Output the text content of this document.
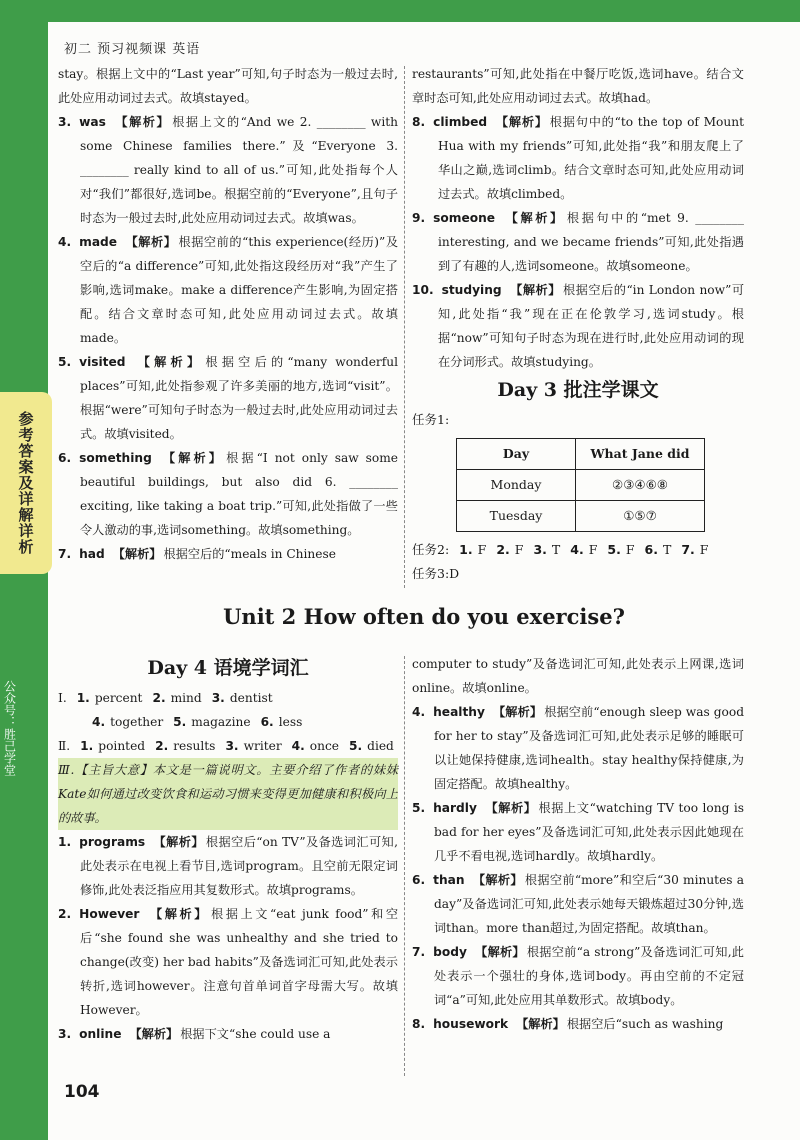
初二 预习视频课 英语
参考答案及详解详析
公众号：胜己学堂

stay。根据上文中的“Last year”可知,句子时态为一般过去时,此处应用动词过去式。故填stayed。

3. was 【解析】 根据上文的“And we 2. ________ with some Chinese families there.”及“Everyone 3. ________ really kind to all of us.”可知,此处指每个人对“我们”都很好,选词be。根据空前的“Everyone”,且句子时态为一般过去时,此处应用动词过去式。故填was。

4. made 【解析】 根据空前的“this experience(经历)”及空后的“a difference”可知,此处指这段经历对“我”产生了影响,选词make。make a difference产生影响,为固定搭配。结合文章时态可知,此处应用动词过去式。故填made。

5. visited 【解析】 根据空后的“many wonderful places”可知,此处指参观了许多美丽的地方,选词“visit”。根据“were”可知句子时态为一般过去时,此处应用动词过去式。故填visited。

6. something 【解析】 根据“I not only saw some beautiful buildings, but also did 6. ________ exciting, like taking a boat trip.”可知,此处指做了一些令人激动的事,选词something。故填something。

7. had 【解析】 根据空后的“meals in Chinese

restaurants”可知,此处指在中餐厅吃饭,选词have。结合文章时态可知,此处应用动词过去式。故填had。

8. climbed 【解析】 根据句中的“to the top of Mount Hua with my friends”可知,此处指“我”和朋友爬上了华山之巅,选词climb。结合文章时态可知,此处应用动词过去式。故填climbed。

9. someone 【解析】 根据句中的“met 9. ________ interesting, and we became friends”可知,此处指遇到了有趣的人,选词someone。故填someone。

10. studying 【解析】 根据空后的“in London now”可知,此处指“我”现在正在伦敦学习,选词study。根据“now”可知句子时态为现在进行时,此处应用动词的现在分词形式。故填studying。

Day 3 批注学课文
任务1:
Day	What Jane did
Monday	②③④⑥⑧
Tuesday	①⑤⑦
任务2: 1. F 2. F 3. T 4. F 5. F 6. T 7. F
任务3:D
Unit 2 How often do you exercise?
Day 4 语境学词汇
Ⅰ. 1. percent 2. mind 3. dentist
4. together 5. magazine 6. less
Ⅱ. 1. pointed 2. results 3. writer 4. once 5. died

Ⅲ.【主旨大意】本文是一篇说明文。主要介绍了作者的妹妹Kate如何通过改变饮食和运动习惯来变得更加健康和积极向上的故事。

1. programs 【解析】 根据空后“on TV”及备选词汇可知,此处表示在电视上看节目,选词program。且空前无限定词修饰,此处表泛指应用其复数形式。故填programs。

2. However 【解析】 根据上文“eat junk food”和空后“she found she was unhealthy and she tried to change(改变) her bad habits”及备选词汇可知,此处表示转折,选词however。注意句首单词首字母需大写。故填However。

3. online 【解析】 根据下文“she could use a

computer to study”及备选词汇可知,此处表示上网课,选词online。故填online。

4. healthy 【解析】 根据空前“enough sleep was good for her to stay”及备选词汇可知,此处表示足够的睡眠可以让她保持健康,选词health。stay healthy保持健康,为固定搭配。故填healthy。

5. hardly 【解析】 根据上文“watching TV too long is bad for her eyes”及备选词汇可知,此处表示因此她现在几乎不看电视,选词hardly。故填hardly。

6. than 【解析】 根据空前“more”和空后“30 minutes a day”及备选词汇可知,此处表示她每天锻炼超过30分钟,选词than。more than超过,为固定搭配。故填than。

7. body 【解析】 根据空前“a strong”及备选词汇可知,此处表示一个强壮的身体,选词body。再由空前的不定冠词“a”可知,此处应用其单数形式。故填body。

8. housework 【解析】 根据空后“such as washing

104
